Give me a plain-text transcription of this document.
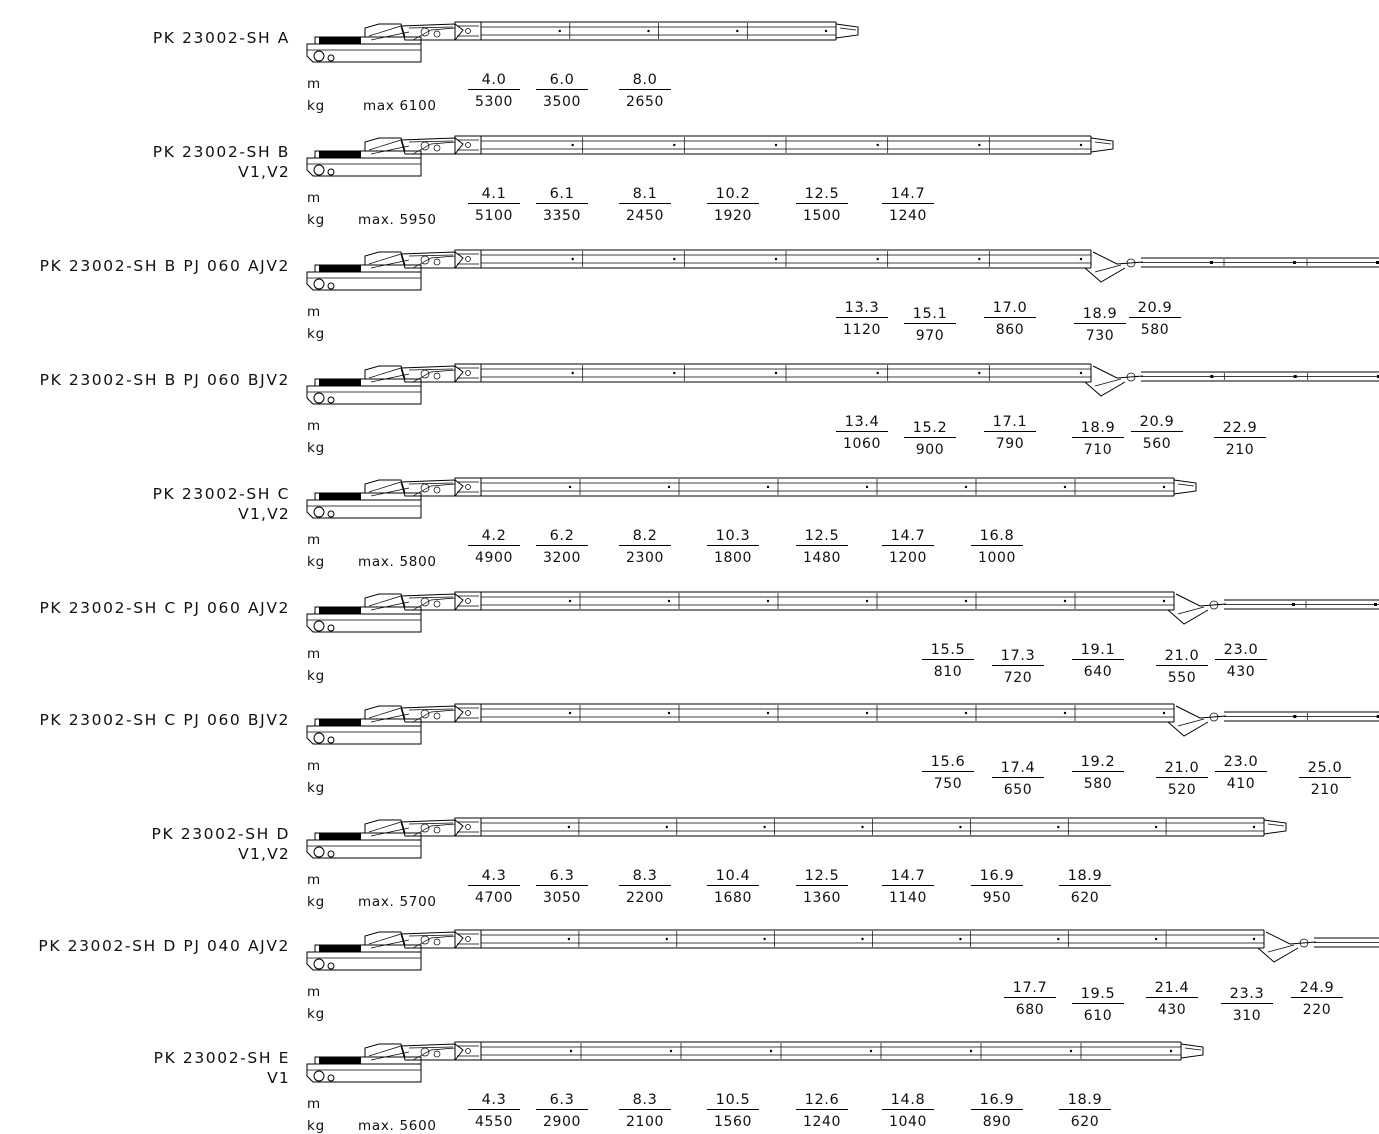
PK 23002-SH A
m
kg	max 6100
4.0
5300
6.0
3500
8.0
2650
PK 23002-SH B
V1,V2
m
kg max. 5950
4.1
5100
6.1
3350
8.1
2450
10.2
1920
12.5
1500
14.7
1240
PK 23002-SH B PJ 060 AJV2
m
kg
13.3
1120
15.1
970
17.0
860
18.9
730
20.9
580
PK 23002-SH B PJ 060 BJV2
m
kg
13.4
1060
15.2
900
17.1
790
18.9
710
20.9
560
22.9
210
PK 23002-SH C
V1,V2
m
kg max. 5800
4.2
4900
6.2
3200
8.2
2300
10.3
1800
12.5
1480
14.7
1200
16.8
1000
PK 23002-SH C PJ 060 AJV2
m
kg
15.5
810
17.3
720
19.1
640
21.0
550
23.0
430
PK 23002-SH C PJ 060 BJV2
m
kg
15.6
750
17.4
650
19.2
580
21.0
520
23.0
410
25.0
210
PK 23002-SH D
V1,V2
m
kg max. 5700
4.3
4700
6.3
3050
8.3
2200
10.4
1680
12.5
1360
14.7
1140
16.9
950
18.9
620
PK 23002-SH D PJ 040 AJV2
m
kg
17.7
680
19.5
610
21.4
430
23.3
310
24.9
220
PK 23002-SH E
V1
m
kg max. 5600
4.3
4550
6.3
2900
8.3
2100
10.5
1560
12.6
1240
14.8
1040
16.9
890
18.9
620
